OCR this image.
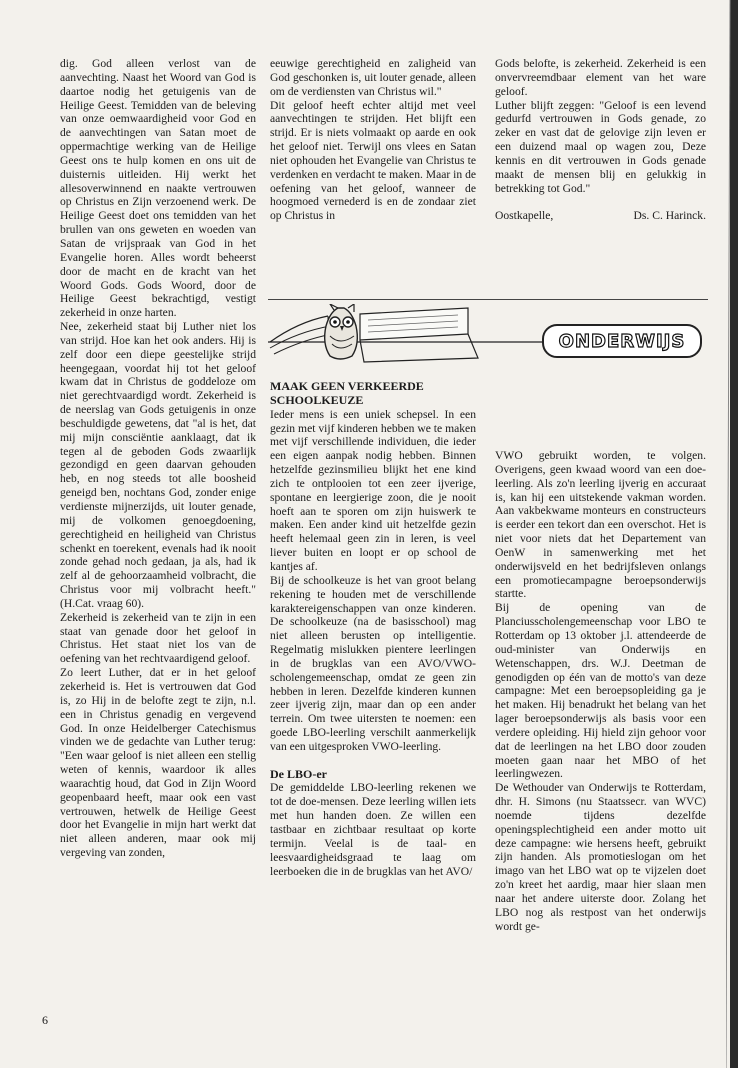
dig. God alleen verlost van de aanvechting. Naast het Woord van God is daartoe nodig het getuigenis van de Heilige Geest. Temidden van de beleving van onze oemwaardigheid voor God en de aanvechtingen van Satan moet de oppermachtige werking van de Heilige Geest ons te hulp komen en ons uit de duisternis uitleiden. Hij werkt het allesoverwinnend en naakte vertrouwen op Christus en Zijn verzoenend werk. De Heilige Geest doet ons temidden van het brullen van ons geweten en woeden van Satan de vrijspraak van God in het Evangelie horen. Alles wordt beheerst door de macht en de kracht van het Woord Gods. Gods Woord, door de Heilige Geest bekrachtigd, vestigt zekerheid in onze harten.

Nee, zekerheid staat bij Luther niet los van strijd. Hoe kan het ook anders. Hij is zelf door een diepe geestelijke strijd heengegaan, voordat hij tot het geloof kwam dat in Christus de goddeloze om niet gerechtvaardigd wordt. Zekerheid is de neerslag van Gods getuigenis in onze beschuldigde gewetens, dat "al is het, dat mij mijn consciëntie aanklaagt, dat ik tegen al de geboden Gods zwaarlijk gezondigd en geen daarvan gehouden heb, en nog steeds tot alle boosheid geneigd ben, nochtans God, zonder enige verdienste mijnerzijds, uit louter genade, mij de volkomen genoegdoening, gerechtigheid en heiligheid van Christus schenkt en toerekent, evenals had ik nooit zonde gehad noch gedaan, ja als, had ik zelf al de gehoorzaamheid volbracht, die Christus voor mij volbracht heeft." (H.Cat. vraag 60).

Zekerheid is zekerheid van te zijn in een staat van genade door het geloof in Christus. Het staat niet los van de oefening van het rechtvaardigend geloof.

Zo leert Luther, dat er in het geloof zekerheid is. Het is vertrouwen dat God is, zo Hij in de belofte zegt te zijn, n.l. een in Christus genadig en vergevend God. In onze Heidelberger Catechismus vinden we de gedachte van Luther terug: "Een waar geloof is niet alleen een stellig weten of kennis, waardoor ik alles waarachtig houd, dat God in Zijn Woord geopenbaard heeft, maar ook een vast vertrouwen, hetwelk de Heilige Geest door het Evangelie in mijn hart werkt dat niet alleen anderen, maar ook mij vergeving van zonden,

eeuwige gerechtigheid en zaligheid van God geschonken is, uit louter genade, alleen om de verdiensten van Christus wil."

Dit geloof heeft echter altijd met veel aanvechtingen te strijden. Het blijft een strijd. Er is niets volmaakt op aarde en ook het geloof niet. Terwijl ons vlees en Satan niet ophouden het Evangelie van Christus te verdenken en verdacht te maken. Maar in de oefening van het geloof, wanneer de hoogmoed vernederd is en de zondaar ziet op Christus in

Gods belofte, is zekerheid. Zekerheid is een onvervreemdbaar element van het ware geloof.

Luther blijft zeggen: "Geloof is een levend gedurfd vertrouwen in Gods genade, zo zeker en vast dat de gelovige zijn leven er een duizend maal op wagen zou, Deze kennis en dit vertrouwen in Gods genade maakt de mensen blij en gelukkig in betrekking tot God."

Oostkapelle,	Ds. C. Harinck.
ONDERWIJS
MAAK GEEN VERKEERDE SCHOOLKEUZE

Ieder mens is een uniek schepsel. In een gezin met vijf kinderen hebben we te maken met vijf verschillende individuen, die ieder een eigen aanpak nodig hebben. Binnen hetzelfde gezinsmilieu blijkt het ene kind zich te ontplooien tot een zeer ijverige, spontane en leergierige zoon, die je nooit hoeft aan te sporen om zijn huiswerk te maken. Een ander kind uit hetzelfde gezin heeft helemaal geen zin in leren, is veel liever buiten en loopt er op school de kantjes af.

Bij de schoolkeuze is het van groot belang rekening te houden met de verschillende karaktereigenschappen van onze kinderen. De schoolkeuze (na de basisschool) mag niet alleen berusten op intelligentie. Regelmatig mislukken pientere leerlingen in de brugklas van een AVO/VWO-scholengemeenschap, omdat ze geen zin hebben in leren. Dezelfde kinderen kunnen zeer ijverig zijn, maar dan op een ander terrein. Om twee uitersten te noemen: een goede LBO-leerling verschilt aanmerkelijk van een uitgesproken VWO-leerling.

De LBO-er

De gemiddelde LBO-leerling rekenen we tot de doe-mensen. Deze leerling willen iets met hun handen doen. Ze willen een tastbaar en zichtbaar resultaat op korte termijn. Veelal is de taal- en leesvaardigheidsgraad te laag om leerboeken die in de brugklas van het AVO/

VWO gebruikt worden, te volgen. Overigens, geen kwaad woord van een doe-leerling. Als zo'n leerling ijverig en accuraat is, kan hij een uitstekende vakman worden. Aan vakbekwame monteurs en constructeurs is eerder een tekort dan een overschot. Het is niet voor niets dat het Departement van OenW in samenwerking met het onderwijsveld en het bedrijfsleven onlangs een promotiecampagne beroepsonderwijs startte.

Bij de opening van de Planciusscholengemeenschap voor LBO te Rotterdam op 13 oktober j.l. attendeerde de oud-minister van Onderwijs en Wetenschappen, drs. W.J. Deetman de genodigden op één van de motto's van deze campagne: Met een beroepsopleiding ga je het maken. Hij benadrukt het belang van het lager beroepsonderwijs als basis voor een verdere opleiding. Hij hield zijn gehoor voor dat de leerlingen na het LBO door zouden moeten gaan naar het MBO of het leerlingwezen.

De Wethouder van Onderwijs te Rotterdam, dhr. H. Simons (nu Staatssecr. van WVC) noemde tijdens dezelfde openingsplechtigheid een ander motto uit deze campagne: wie hersens heeft, gebruikt zijn handen. Als promotieslogan om het imago van het LBO wat op te vijzelen doet zo'n kreet het aardig, maar hier slaan men naar het andere uiterste door. Zolang het LBO nog als restpost van het onderwijs wordt ge-

6
